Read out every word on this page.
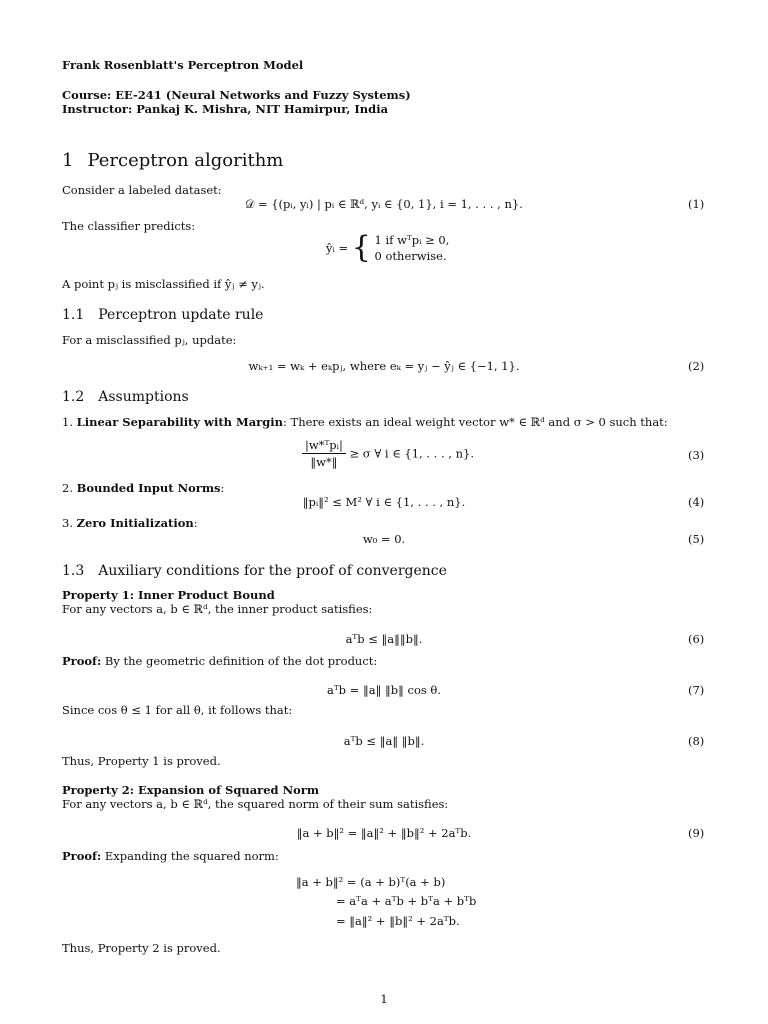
Frank Rosenblatt's Perceptron Model
Course: EE-241 (Neural Networks and Fuzzy Systems)
Instructor: Pankaj K. Mishra, NIT Hamirpur, India
1 Perceptron algorithm
Consider a labeled dataset:
𝒟 = {(pᵢ, yᵢ) | pᵢ ∈ ℝᵈ, yᵢ ∈ {0, 1}, i = 1, . . . , n}.	(1)
The classifier predicts:
ŷᵢ = { 1 if wᵀpᵢ ≥ 0,
0 otherwise.
A point pⱼ is misclassified if ŷⱼ ≠ yⱼ.
1.1 Perceptron update rule
For a misclassified pⱼ, update:
wₖ₊₁ = wₖ + eₖpⱼ, where eₖ = yⱼ − ŷⱼ ∈ {−1, 1}.	(2)
1.2 Assumptions
1. Linear Separability with Margin: There exists an ideal weight vector w* ∈ ℝᵈ and σ > 0 such that:
$\frac{\text{|w*ᵀpᵢ|}}{‖w*‖} \ge \sigma$ ∀ i ∈ {1, . . . , n}.	(3)
2. Bounded Input Norms:
‖pᵢ‖² ≤ M² ∀ i ∈ {1, . . . , n}.	(4)
3. Zero Initialization:
w₀ = 0.	(5)
1.3 Auxiliary conditions for the proof of convergence
Property 1: Inner Product Bound
For any vectors a, b ∈ ℝᵈ, the inner product satisfies:
aᵀb ≤ ‖a‖‖b‖.	(6)
Proof: By the geometric definition of the dot product:
aᵀb = ‖a‖ ‖b‖ cos θ.	(7)
Since cos θ ≤ 1 for all θ, it follows that:
aᵀb ≤ ‖a‖ ‖b‖.	(8)
Thus, Property 1 is proved.
Property 2: Expansion of Squared Norm
For any vectors a, b ∈ ℝᵈ, the squared norm of their sum satisfies:
‖a + b‖² = ‖a‖² + ‖b‖² + 2aᵀb.	(9)
Proof: Expanding the squared norm:
‖a + b‖² = (a + b)ᵀ(a + b)
= aᵀa + aᵀb + bᵀa + bᵀb
= ‖a‖² + ‖b‖² + 2aᵀb.
Thus, Property 2 is proved.
1
